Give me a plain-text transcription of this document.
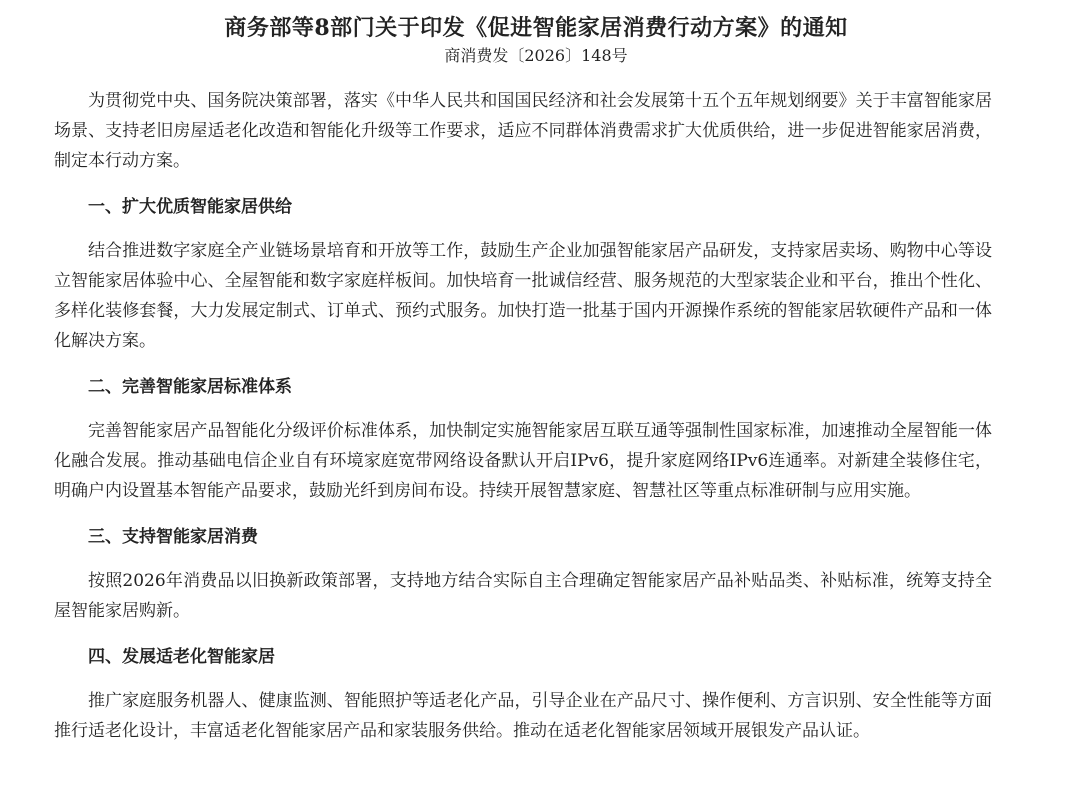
商务部等8部门关于印发《促进智能家居消费行动方案》的通知
商消费发〔2026〕148号

为贯彻党中央、国务院决策部署，落实《中华人民共和国国民经济和社会发展第十五个五年规划纲要》关于丰富智能家居场景、支持老旧房屋适老化改造和智能化升级等工作要求，适应不同群体消费需求扩大优质供给，进一步促进智能家居消费，制定本行动方案。

一、扩大优质智能家居供给

结合推进数字家庭全产业链场景培育和开放等工作，鼓励生产企业加强智能家居产品研发，支持家居卖场、购物中心等设立智能家居体验中心、全屋智能和数字家庭样板间。加快培育一批诚信经营、服务规范的大型家装企业和平台，推出个性化、多样化装修套餐，大力发展定制式、订单式、预约式服务。加快打造一批基于国内开源操作系统的智能家居软硬件产品和一体化解决方案。

二、完善智能家居标准体系

完善智能家居产品智能化分级评价标准体系，加快制定实施智能家居互联互通等强制性国家标准，加速推动全屋智能一体化融合发展。推动基础电信企业自有环境家庭宽带网络设备默认开启IPv6，提升家庭网络IPv6连通率。对新建全装修住宅，明确户内设置基本智能产品要求，鼓励光纤到房间布设。持续开展智慧家庭、智慧社区等重点标准研制与应用实施。

三、支持智能家居消费

按照2026年消费品以旧换新政策部署，支持地方结合实际自主合理确定智能家居产品补贴品类、补贴标准，统筹支持全屋智能家居购新。

四、发展适老化智能家居

推广家庭服务机器人、健康监测、智能照护等适老化产品，引导企业在产品尺寸、操作便利、方言识别、安全性能等方面推行适老化设计，丰富适老化智能家居产品和家装服务供给。推动在适老化智能家居领域开展银发产品认证。
